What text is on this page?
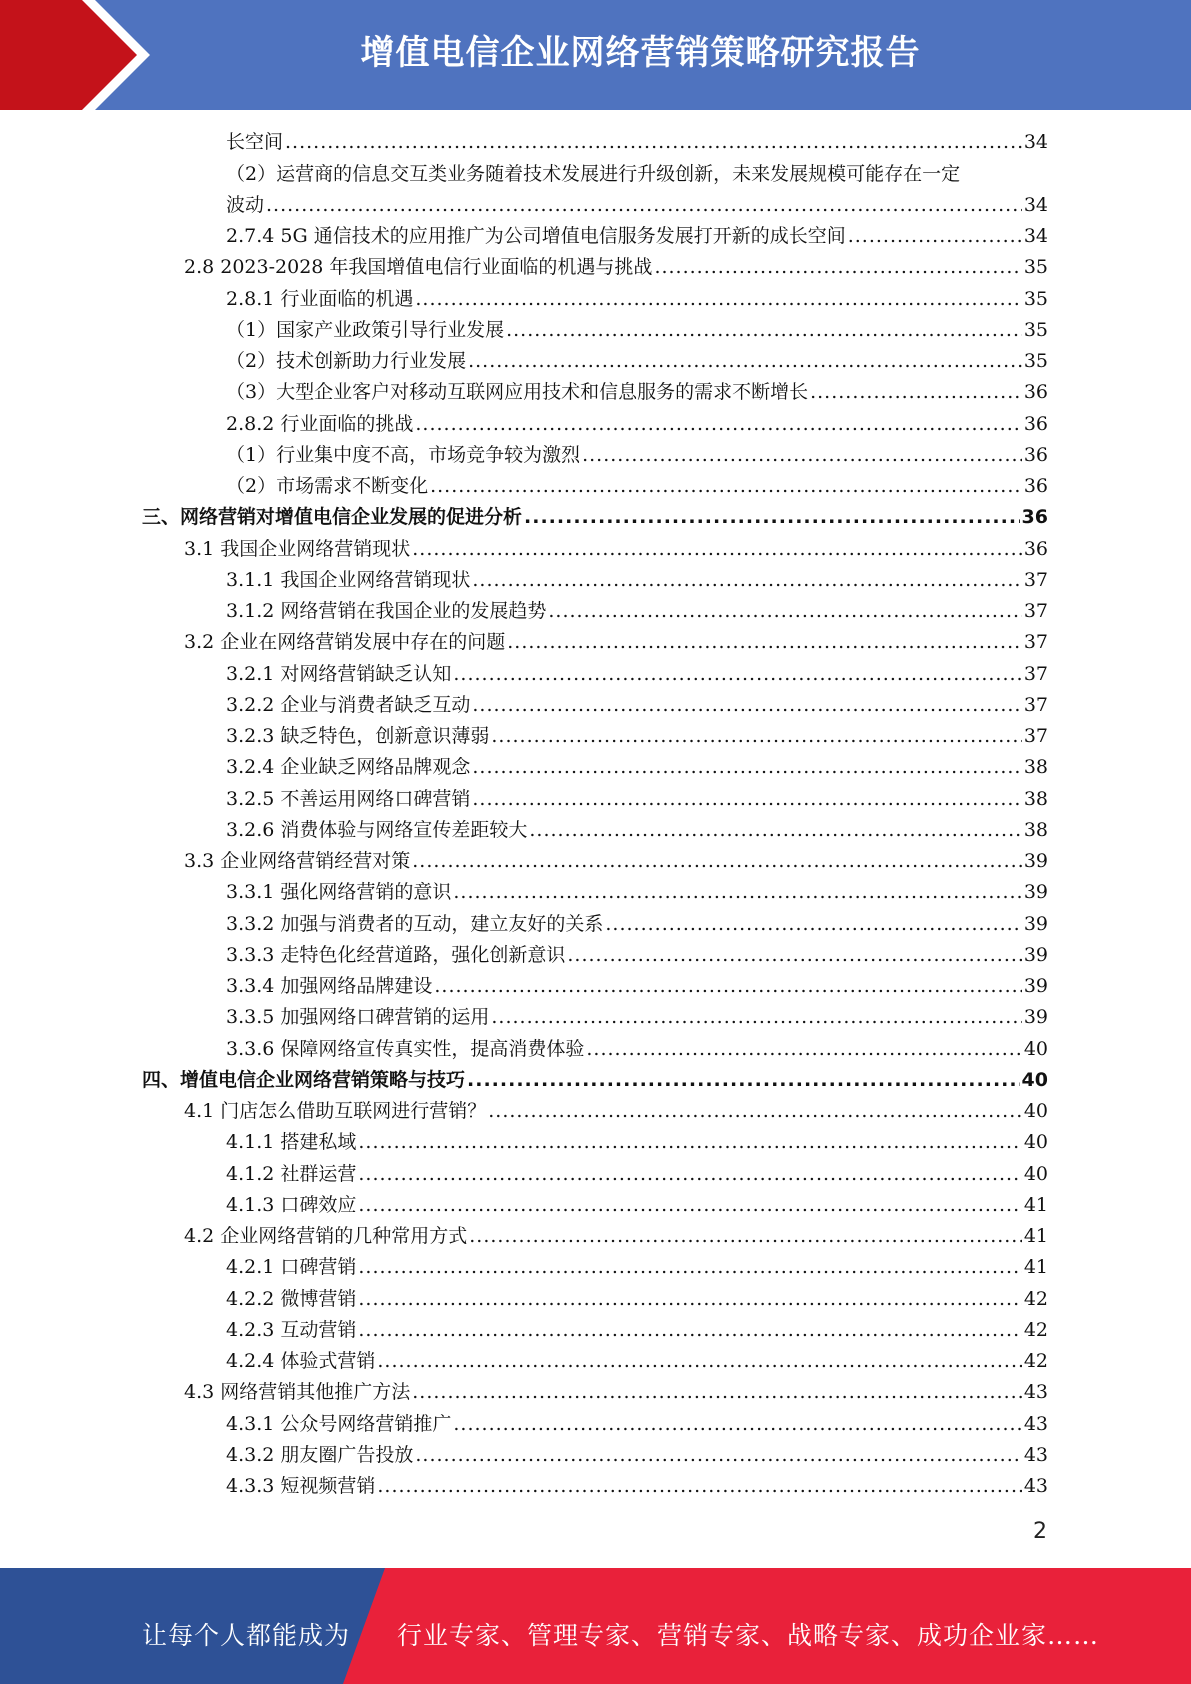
增值电信企业网络营销策略研究报告
长空间 .....	34
（2）运营商的信息交互类业务随着技术发展进行升级创新，未来发展规模可能存在一定
波动 .....	34
2.7.4 5G 通信技术的应用推广为公司增值电信服务发展打开新的成长空间 .....	34
2.8 2023-2028 年我国增值电信行业面临的机遇与挑战 .....	35
2.8.1 行业面临的机遇 .....	35
（1）国家产业政策引导行业发展 .....	35
（2）技术创新助力行业发展 .....	35
（3）大型企业客户对移动互联网应用技术和信息服务的需求不断增长 .....	36
2.8.2 行业面临的挑战 .....	36
（1）行业集中度不高，市场竞争较为激烈 .....	36
（2）市场需求不断变化 .....	36
三、网络营销对增值电信企业发展的促进分析 .....	36
3.1 我国企业网络营销现状 .....	36
3.1.1 我国企业网络营销现状 .....	37
3.1.2 网络营销在我国企业的发展趋势 .....	37
3.2 企业在网络营销发展中存在的问题 .....	37
3.2.1 对网络营销缺乏认知 .....	37
3.2.2 企业与消费者缺乏互动 .....	37
3.2.3 缺乏特色，创新意识薄弱 .....	37
3.2.4 企业缺乏网络品牌观念 .....	38
3.2.5 不善运用网络口碑营销 .....	38
3.2.6 消费体验与网络宣传差距较大 .....	38
3.3 企业网络营销经营对策 .....	39
3.3.1 强化网络营销的意识 .....	39
3.3.2 加强与消费者的互动，建立友好的关系 .....	39
3.3.3 走特色化经营道路，强化创新意识 .....	39
3.3.4 加强网络品牌建设 .....	39
3.3.5 加强网络口碑营销的运用 .....	39
3.3.6 保障网络宣传真实性，提高消费体验 .....	40
四、增值电信企业网络营销策略与技巧 .....	40
4.1 门店怎么借助互联网进行营销？ .....	40
4.1.1 搭建私域 .....	40
4.1.2 社群运营 .....	40
4.1.3 口碑效应 .....	41
4.2 企业网络营销的几种常用方式 .....	41
4.2.1 口碑营销 .....	41
4.2.2 微博营销 .....	42
4.2.3 互动营销 .....	42
4.2.4 体验式营销 .....	42
4.3 网络营销其他推广方法 .....	43
4.3.1 公众号网络营销推广 .....	43
4.3.2 朋友圈广告投放 .....	43
4.3.3 短视频营销 .....	43
2
让每个人都能成为 行业专家、管理专家、营销专家、战略专家、成功企业家……
